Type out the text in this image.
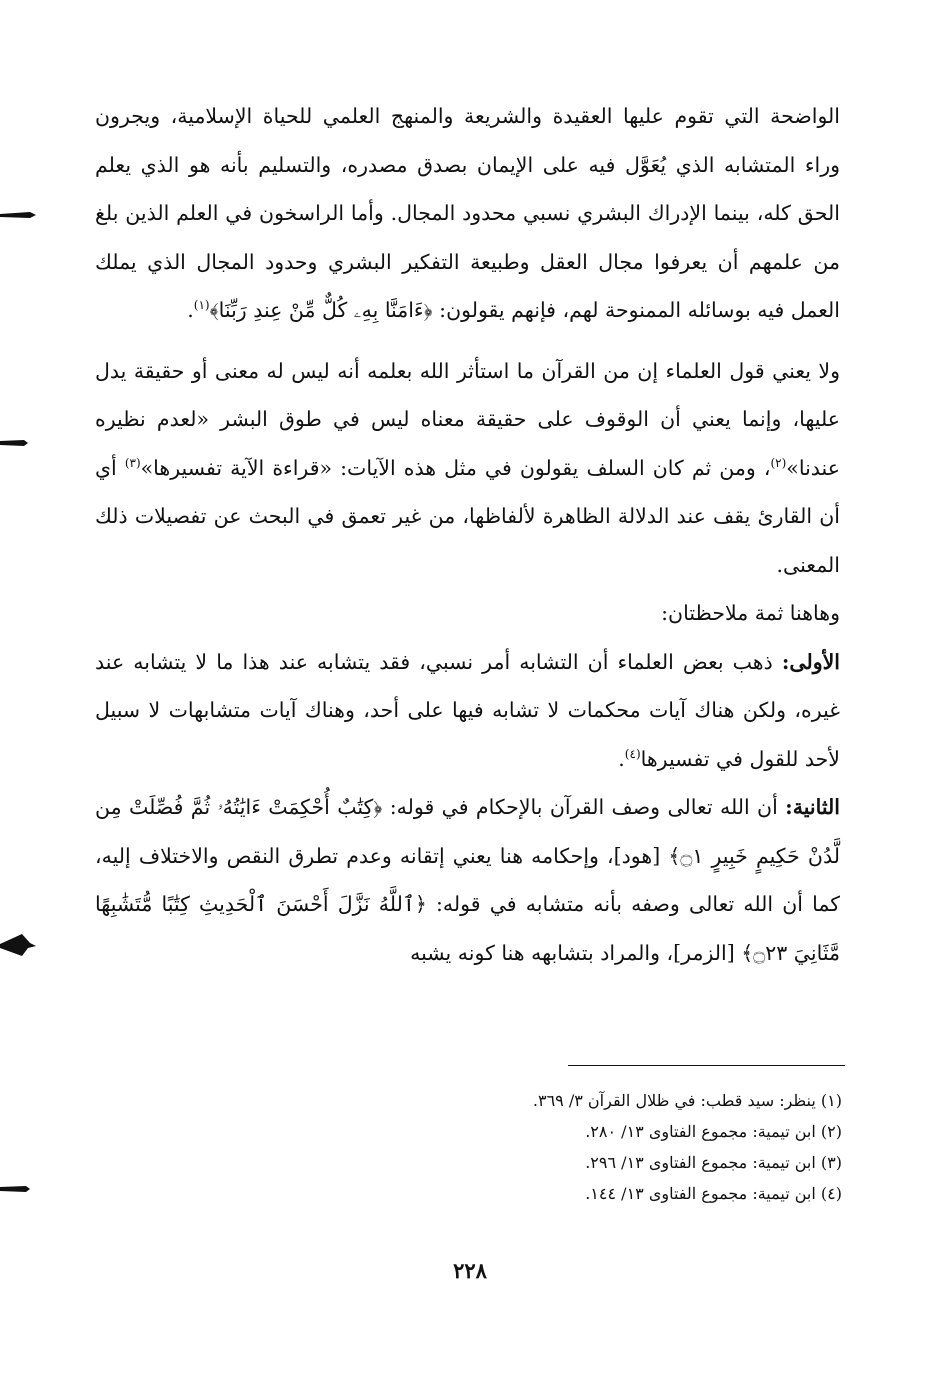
الواضحة التي تقوم عليها العقيدة والشريعة والمنهج العلمي للحياة الإسلامية، ويجرون وراء المتشابه الذي يُعَوَّل فيه على الإيمان بصدق مصدره، والتسليم بأنه هو الذي يعلم الحق كله، بينما الإدراك البشري نسبي محدود المجال. وأما الراسخون في العلم الذين بلغ من علمهم أن يعرفوا مجال العقل وطبيعة التفكير البشري وحدود المجال الذي يملك العمل فيه بوسائله الممنوحة لهم، فإنهم يقولون: ﴿ءَامَنَّا بِهِۦ كُلٌّ مِّنْ عِندِ رَبِّنَا﴾$^{(١)}$.

ولا يعني قول العلماء إن من القرآن ما استأثر الله بعلمه أنه ليس له معنى أو حقيقة يدل عليها، وإنما يعني أن الوقوف على حقيقة معناه ليس في طوق البشر «لعدم نظيره عندنا»$^{(٢)}$، ومن ثم كان السلف يقولون في مثل هذه الآيات: «قراءة الآية تفسيرها»$^{(٣)}$ أي أن القارئ يقف عند الدلالة الظاهرة لألفاظها، من غير تعمق في البحث عن تفصيلات ذلك المعنى.

وهاهنا ثمة ملاحظتان:

الأولى: ذهب بعض العلماء أن التشابه أمر نسبي، فقد يتشابه عند هذا ما لا يتشابه عند غيره، ولكن هناك آيات محكمات لا تشابه فيها على أحد، وهناك آيات متشابهات لا سبيل لأحد للقول في تفسيرها$^{(٤)}$.

الثانية: أن الله تعالى وصف القرآن بالإحكام في قوله: ﴿كِتَٰبٌ أُحْكِمَتْ ءَايَٰتُهُۥ ثُمَّ فُصِّلَتْ مِن لَّدُنْ حَكِيمٍ خَبِيرٍ ۝١﴾ [هود]، وإحكامه هنا يعني إتقانه وعدم تطرق النقص والاختلاف إليه، كما أن الله تعالى وصفه بأنه متشابه في قوله: ﴿ٱللَّهُ نَزَّلَ أَحْسَنَ ٱلْحَدِيثِ كِتَٰبًا مُّتَشَٰبِهًا مَّثَانِيَ ۝٢٣﴾ [الزمر]، والمراد بتشابهه هنا كونه يشبه

(١) ينظر: سيد قطب: في ظلال القرآن ٣/ ٣٦٩.
(٢) ابن تيمية: مجموع الفتاوى ١٣/ ٢٨٠.
(٣) ابن تيمية: مجموع الفتاوى ١٣/ ٢٩٦.
(٤) ابن تيمية: مجموع الفتاوى ١٣/ ١٤٤.
٢٢٨
